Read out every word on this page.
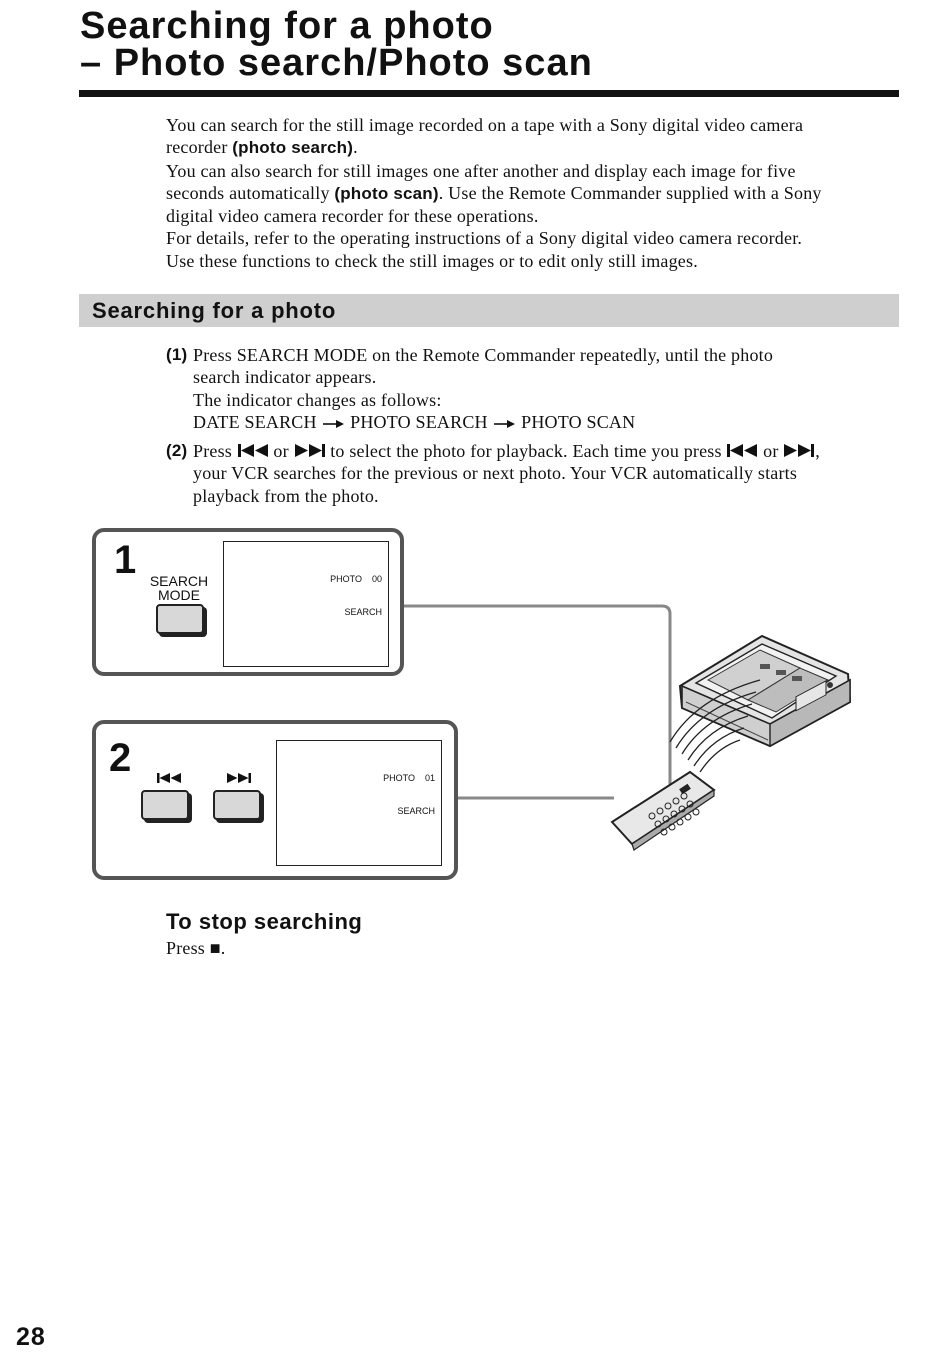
Searching for a photo
– Photo search/Photo scan

You can search for the still image recorded on a tape with a Sony digital video camera

recorder (photo search).

You can also search for still images one after another and display each image for five

seconds automatically (photo scan). Use the Remote Commander supplied with a Sony

digital video camera recorder for these operations.

For details, refer to the operating instructions of a Sony digital video camera recorder.

Use these functions to check the still images or to edit only still images.

Searching for a photo
(1) Press SEARCH MODE on the Remote Commander repeatedly, until the photo
search indicator appears.
The indicator changes as follows:
DATE SEARCH PHOTO SEARCH PHOTO SCAN
(2) Press or to select the photo for playback. Each time you press or ,
your VCR searches for the previous or next photo. Your VCR automatically starts
playback from the photo.
1 SEARCH
MODE

PHOTO    00

SEARCH

2

	PHOTO    01

SEARCH

To stop searching
Press ■.
28
